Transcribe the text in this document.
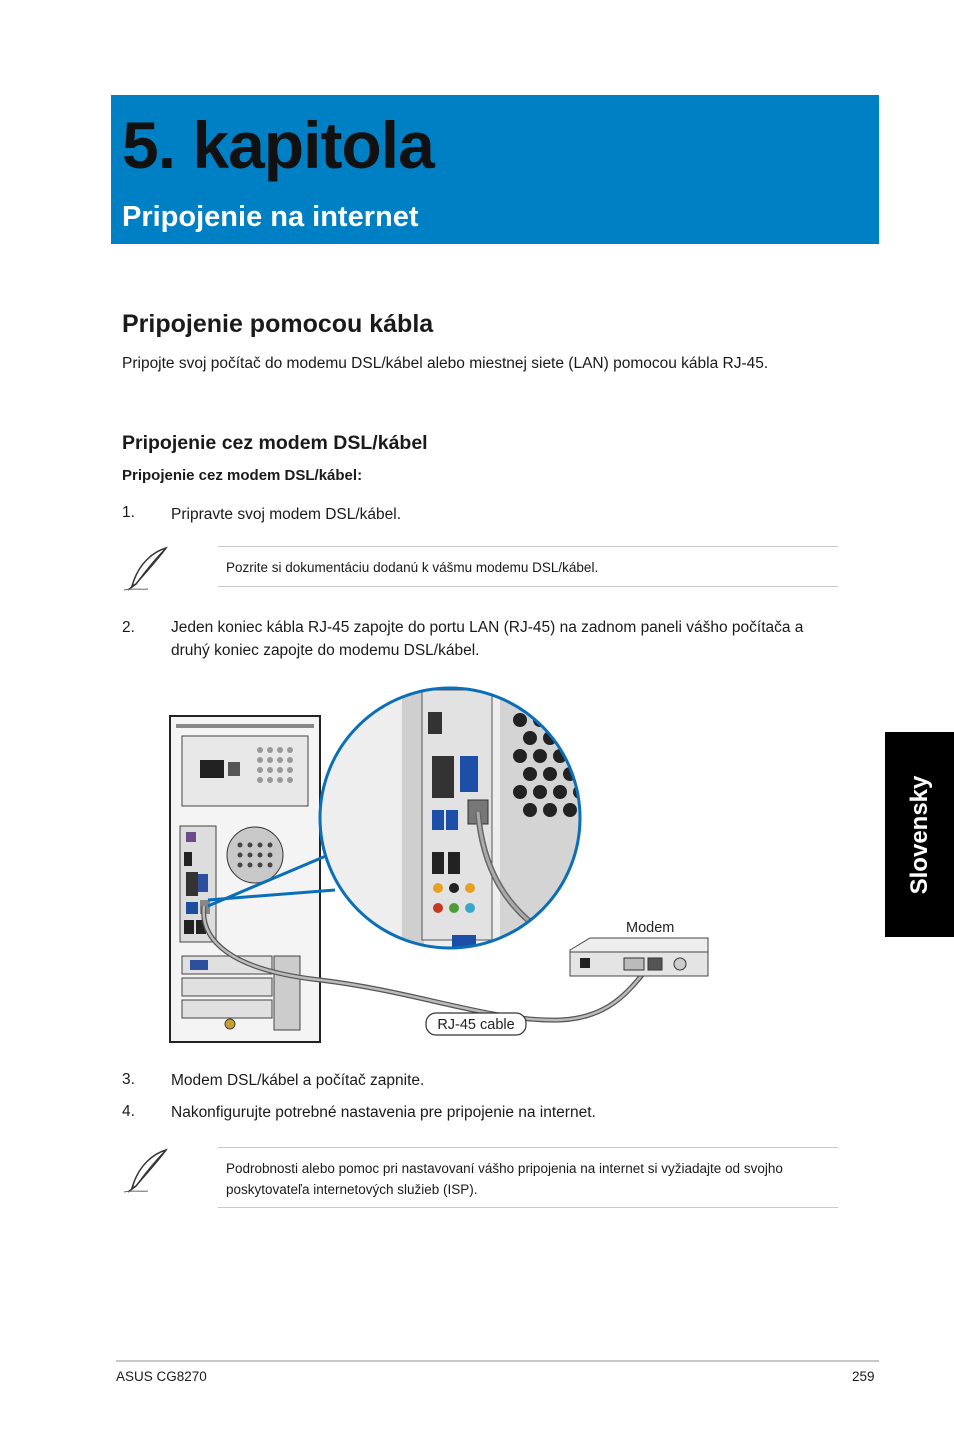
5. kapitola
Pripojenie na internet
Slovensky
Pripojenie pomocou kábla
Pripojte svoj počítač do modemu DSL/kábel alebo miestnej siete (LAN) pomocou kábla RJ-45.
Pripojenie cez modem DSL/kábel
Pripojenie cez modem DSL/kábel:
1. Pripravte svoj modem DSL/kábel.
Pozrite si dokumentáciu dodanú k vášmu modemu DSL/kábel.
2. Jeden koniec kábla RJ-45 zapojte do portu LAN (RJ-45) na zadnom paneli vášho počítača a druhý koniec zapojte do modemu DSL/kábel.
Modem
RJ-45 cable
3. Modem DSL/kábel a počítač zapnite.
4. Nakonfigurujte potrebné nastavenia pre pripojenie na internet.
Podrobnosti alebo pomoc pri nastavovaní vášho pripojenia na internet si vyžiadajte od svojho poskytovateľa internetových služieb (ISP).
ASUS CG8270	259
